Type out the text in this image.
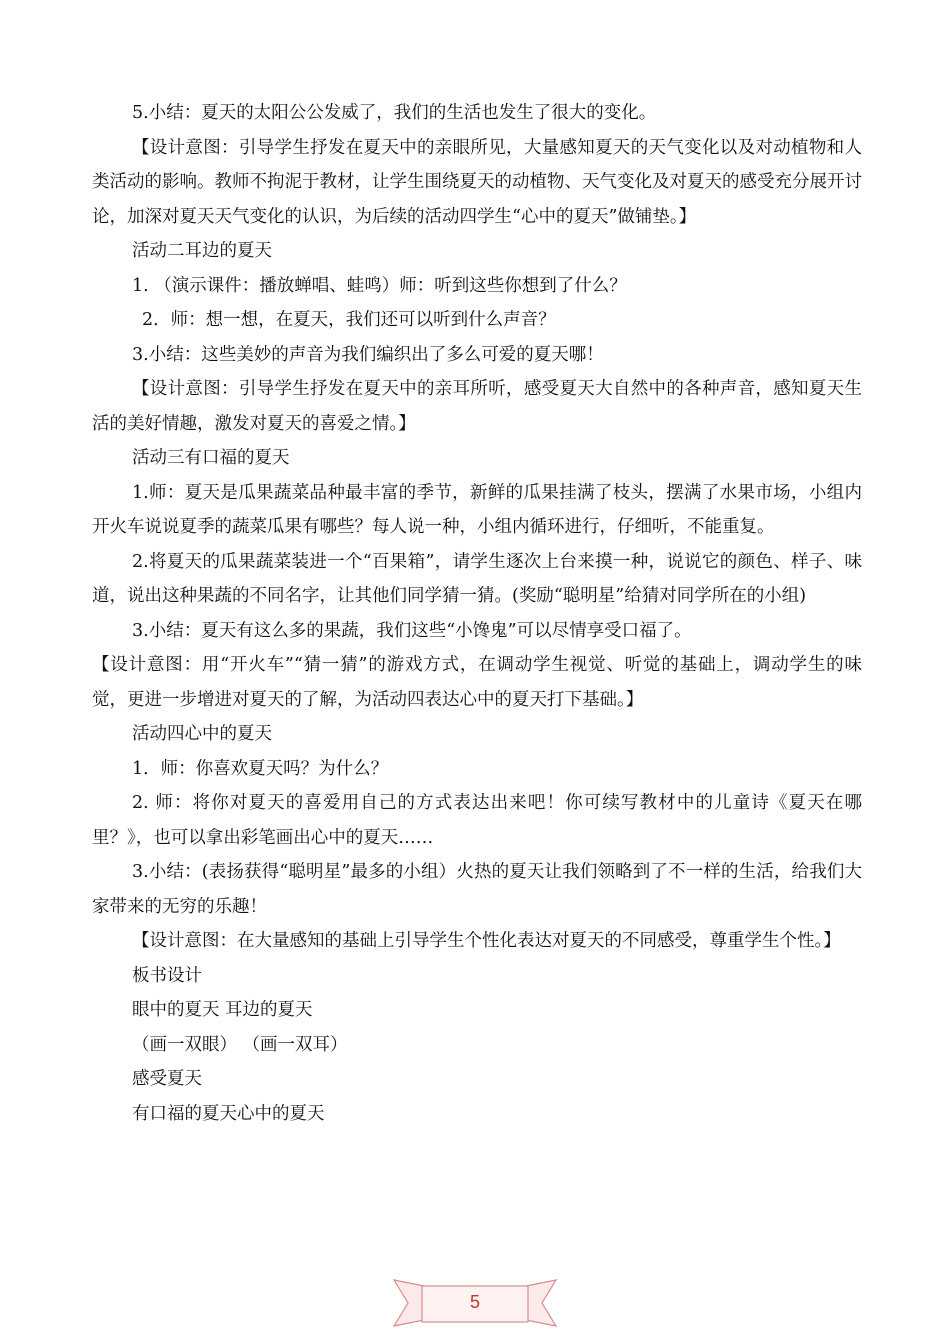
5.小结：夏天的太阳公公发威了，我们的生活也发生了很大的变化。

【设计意图：引导学生抒发在夏天中的亲眼所见，大量感知夏天的天气变化以及对动植物和人类活动的影响。教师不拘泥于教材，让学生围绕夏天的动植物、天气变化及对夏天的感受充分展开讨论，加深对夏天天气变化的认识，为后续的活动四学生“心中的夏天”做铺垫。】

活动二耳边的夏天

1. （演示课件：播放蝉唱、蛙鸣）师：听到这些你想到了什么？

2．师：想一想，在夏天，我们还可以听到什么声音？

3.小结：这些美妙的声音为我们编织出了多么可爱的夏天哪！

【设计意图：引导学生抒发在夏天中的亲耳所听，感受夏天大自然中的各种声音，感知夏天生活的美好情趣，激发对夏天的喜爱之情。】

活动三有口福的夏天

1.师：夏天是瓜果蔬菜品种最丰富的季节，新鲜的瓜果挂满了枝头，摆满了水果市场，小组内开火车说说夏季的蔬菜瓜果有哪些？每人说一种，小组内循环进行，仔细听，不能重复。

2.将夏天的瓜果蔬菜装进一个“百果箱”，请学生逐次上台来摸一种，说说它的颜色、样子、味道，说出这种果蔬的不同名字，让其他们同学猜一猜。(奖励“聪明星”给猜对同学所在的小组)

3.小结：夏天有这么多的果蔬，我们这些“小馋鬼”可以尽情享受口福了。

【设计意图：用“开火车”“猜一猜”的游戏方式，在调动学生视觉、听觉的基础上，调动学生的味觉，更进一步增进对夏天的了解，为活动四表达心中的夏天打下基础。】

活动四心中的夏天

1．师：你喜欢夏天吗？为什么？

2. 师：将你对夏天的喜爱用自己的方式表达出来吧！你可续写教材中的儿童诗《夏天在哪里？》，也可以拿出彩笔画出心中的夏天……

3.小结：(表扬获得“聪明星”最多的小组）火热的夏天让我们领略到了不一样的生活，给我们大家带来的无穷的乐趣！

【设计意图：在大量感知的基础上引导学生个性化表达对夏天的不同感受，尊重学生个性。】

板书设计

眼中的夏天 耳边的夏天

（画一双眼） （画一双耳）

感受夏天

有口福的夏天心中的夏天

5
